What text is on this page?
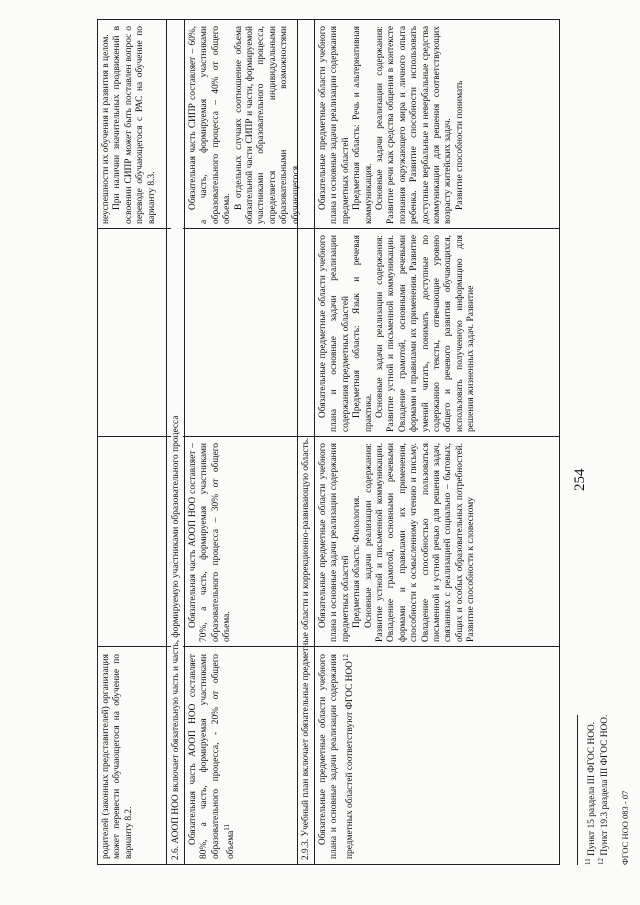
254

родителей (законных представителей) организация может перевести обучающегося на обучение по варианту 8.2.

неуспешности их обучения и развития в целом. При наличии значительных продвижений в освоении СИПР может быть поставлен вопрос о переводе обучающегося с РАС на обучение по варианту 8.3.

2.6. АООП НОО включает обязательную часть и часть, формируемую участниками образовательного процесса Обязательная часть АООП НОО составляет 80%, а часть, формируемая участниками образовательного процесса, - 20% от общего объема$^{11}$

Обязательная часть АООП НОО составляет – 70%, а часть, формируемая участниками образовательного процесса – 30% от общего объема.

Обязательная часть СИПР составляет – 60%, а часть, формируемая участниками образовательного процесса – 40% от общего объема. В отдельных случаях соотношение объема обязательной части СИПР и части, формируемой участниками образовательного процесса, определяется индивидуальными образовательными возможностями обучающегося.

2.9.3. Учебный план включает обязательные предметные области и коррекционно-развивающую область. Обязательные предметные области учебного плана и основные задачи реализации содержания предметных областей соответствуют ФГОС НОО$^{12}$

Обязательные предметные области учебного плана и основные задачи реализации содержания предметных областей Предметная область: Филология. Основные задачи реализации содержания: Развитие устной и письменной коммуникации. Овладение грамотой, основными речевыми формами и правилами их применения, способности к осмысленному чтению и письму. Овладение способностью пользоваться письменной и устной речью для решения задач, связанных с реализацией социально – бытовых, общих и особых образовательных потребностей. Развитие способности к словесному

Обязательные предметные области учебного плана и основные задачи реализации содержания предметных областей Предметная область: Язык и речевая практика. Основные задачи реализации содержания: Развитие устной и письменной коммуникации. Овладение грамотой, основными речевыми формами и правилами их применения. Развитие умений читать, понимать доступные по содержанию тексты, отвечающие уровню общего и речевого развития обучающихся, использовать полученную информацию для решения жизненных задач. Развитие

Обязательные предметные области учебного плана и основные задачи реализации содержания предметных областей Предметная область: Речь и альтернативная коммуникация. Основные задачи реализации содержания: Развитие речи как средства общения в контексте познания окружающего мира и личного опыта ребенка. Развитие способности использовать доступные вербальные и невербальные средства коммуникации для решения соответствующих возрасту житейских задач. Развитие способности понимать

$^{11}$ Пункт 15 раздела III ФГОС НОО.
$^{12}$ Пункт 19.3 раздела III ФГОС НОО. ФГОС НОО 083 - 07
